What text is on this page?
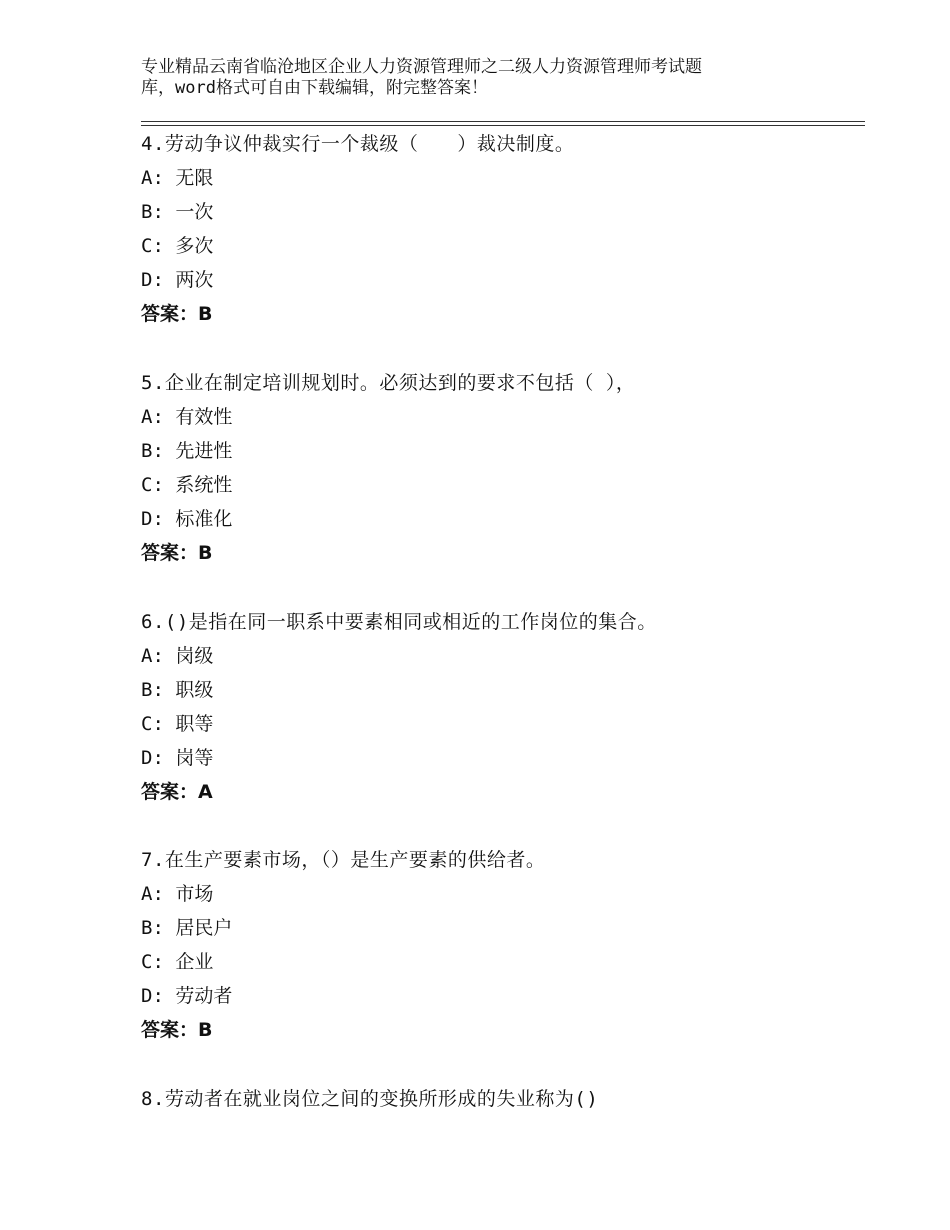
专业精品云南省临沧地区企业人力资源管理师之二级人力资源管理师考试题
库，word格式可自由下载编辑，附完整答案！
4.劳动争议仲裁实行一个裁级（　　）裁决制度。
A: 无限
B: 一次
C: 多次
D: 两次
答案：B
5.企业在制定培训规划时。必须达到的要求不包括（ ），
A: 有效性
B: 先进性
C: 系统性
D: 标准化
答案：B
6.()是指在同一职系中要素相同或相近的工作岗位的集合。
A: 岗级
B: 职级
C: 职等
D: 岗等
答案：A
7.在生产要素市场，（）是生产要素的供给者。
A: 市场
B: 居民户
C: 企业
D: 劳动者
答案：B
8.劳动者在就业岗位之间的变换所形成的失业称为()
